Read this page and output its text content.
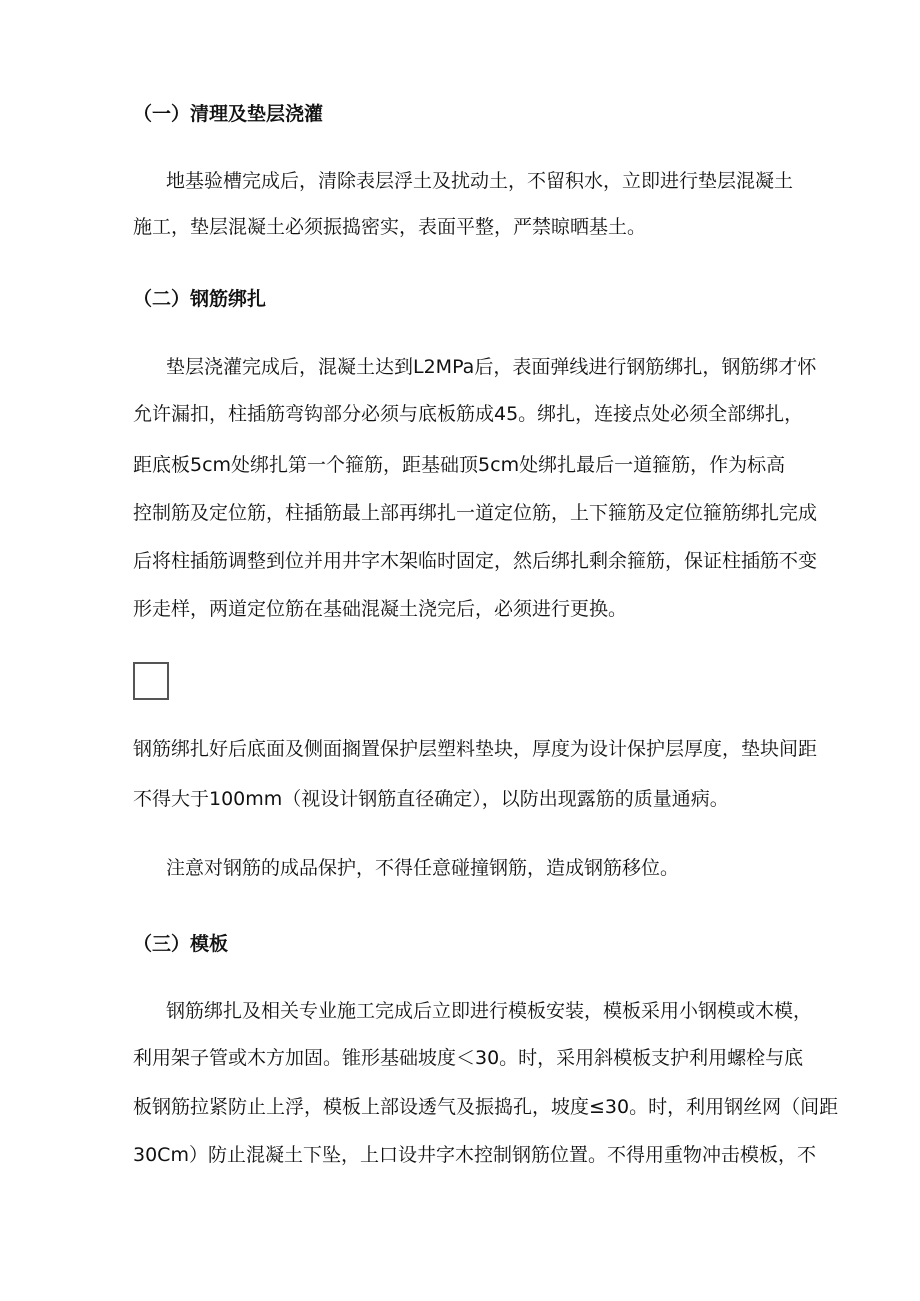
（一）清理及垫层浇灌
地基验槽完成后，清除表层浮土及扰动土，不留积水，立即进行垫层混凝土
施工，垫层混凝土必须振捣密实，表面平整，严禁晾晒基土。
（二）钢筋绑扎
垫层浇灌完成后，混凝土达到L2MPa后，表面弹线进行钢筋绑扎，钢筋绑才怀
允许漏扣，柱插筋弯钩部分必须与底板筋成45。绑扎，连接点处必须全部绑扎，
距底板5cm处绑扎第一个箍筋，距基础顶5cm处绑扎最后一道箍筋，作为标高
控制筋及定位筋，柱插筋最上部再绑扎一道定位筋，上下箍筋及定位箍筋绑扎完成
后将柱插筋调整到位并用井字木架临时固定，然后绑扎剩余箍筋，保证柱插筋不变
形走样，两道定位筋在基础混凝土浇完后，必须进行更换。
钢筋绑扎好后底面及侧面搁置保护层塑料垫块，厚度为设计保护层厚度，垫块间距
不得大于100mm（视设计钢筋直径确定），以防出现露筋的质量通病。
注意对钢筋的成品保护，不得任意碰撞钢筋，造成钢筋移位。
（三）模板
钢筋绑扎及相关专业施工完成后立即进行模板安装，模板采用小钢模或木模，
利用架子管或木方加固。锥形基础坡度＜30。时，采用斜模板支护利用螺栓与底
板钢筋拉紧防止上浮，模板上部设透气及振捣孔，坡度≤30。时，利用钢丝网（间距
30Cm）防止混凝土下坠，上口设井字木控制钢筋位置。不得用重物冲击模板，不
